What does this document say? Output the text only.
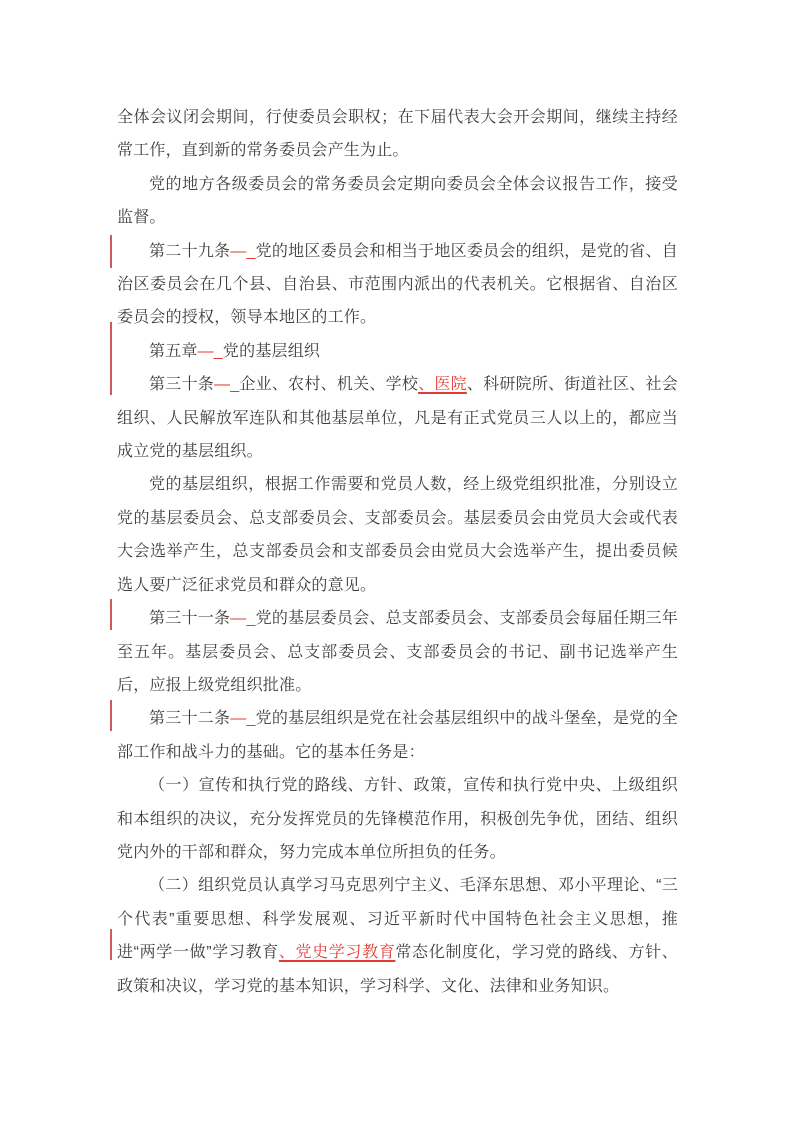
全体会议闭会期间，行使委员会职权；在下届代表大会开会期间，继续主持经常工作，直到新的常务委员会产生为止。

党的地方各级委员会的常务委员会定期向委员会全体会议报告工作，接受监督。

第二十九条—_党的地区委员会和相当于地区委员会的组织，是党的省、自治区委员会在几个县、自治县、市范围内派出的代表机关。它根据省、自治区委员会的授权，领导本地区的工作。

第五章—_党的基层组织

第三十条—_企业、农村、机关、学校、医院、科研院所、街道社区、社会组织、人民解放军连队和其他基层单位，凡是有正式党员三人以上的，都应当成立党的基层组织。

党的基层组织，根据工作需要和党员人数，经上级党组织批准，分别设立党的基层委员会、总支部委员会、支部委员会。基层委员会由党员大会或代表大会选举产生，总支部委员会和支部委员会由党员大会选举产生，提出委员候选人要广泛征求党员和群众的意见。

第三十一条—_党的基层委员会、总支部委员会、支部委员会每届任期三年至五年。基层委员会、总支部委员会、支部委员会的书记、副书记选举产生后，应报上级党组织批准。

第三十二条—_党的基层组织是党在社会基层组织中的战斗堡垒，是党的全部工作和战斗力的基础。它的基本任务是：

（一）宣传和执行党的路线、方针、政策，宣传和执行党中央、上级组织和本组织的决议，充分发挥党员的先锋模范作用，积极创先争优，团结、组织党内外的干部和群众，努力完成本单位所担负的任务。

（二）组织党员认真学习马克思列宁主义、毛泽东思想、邓小平理论、“三个代表”重要思想、科学发展观、习近平新时代中国特色社会主义思想，推进“两学一做”学习教育、党史学习教育常态化制度化，学习党的路线、方针、政策和决议，学习党的基本知识，学习科学、文化、法律和业务知识。
